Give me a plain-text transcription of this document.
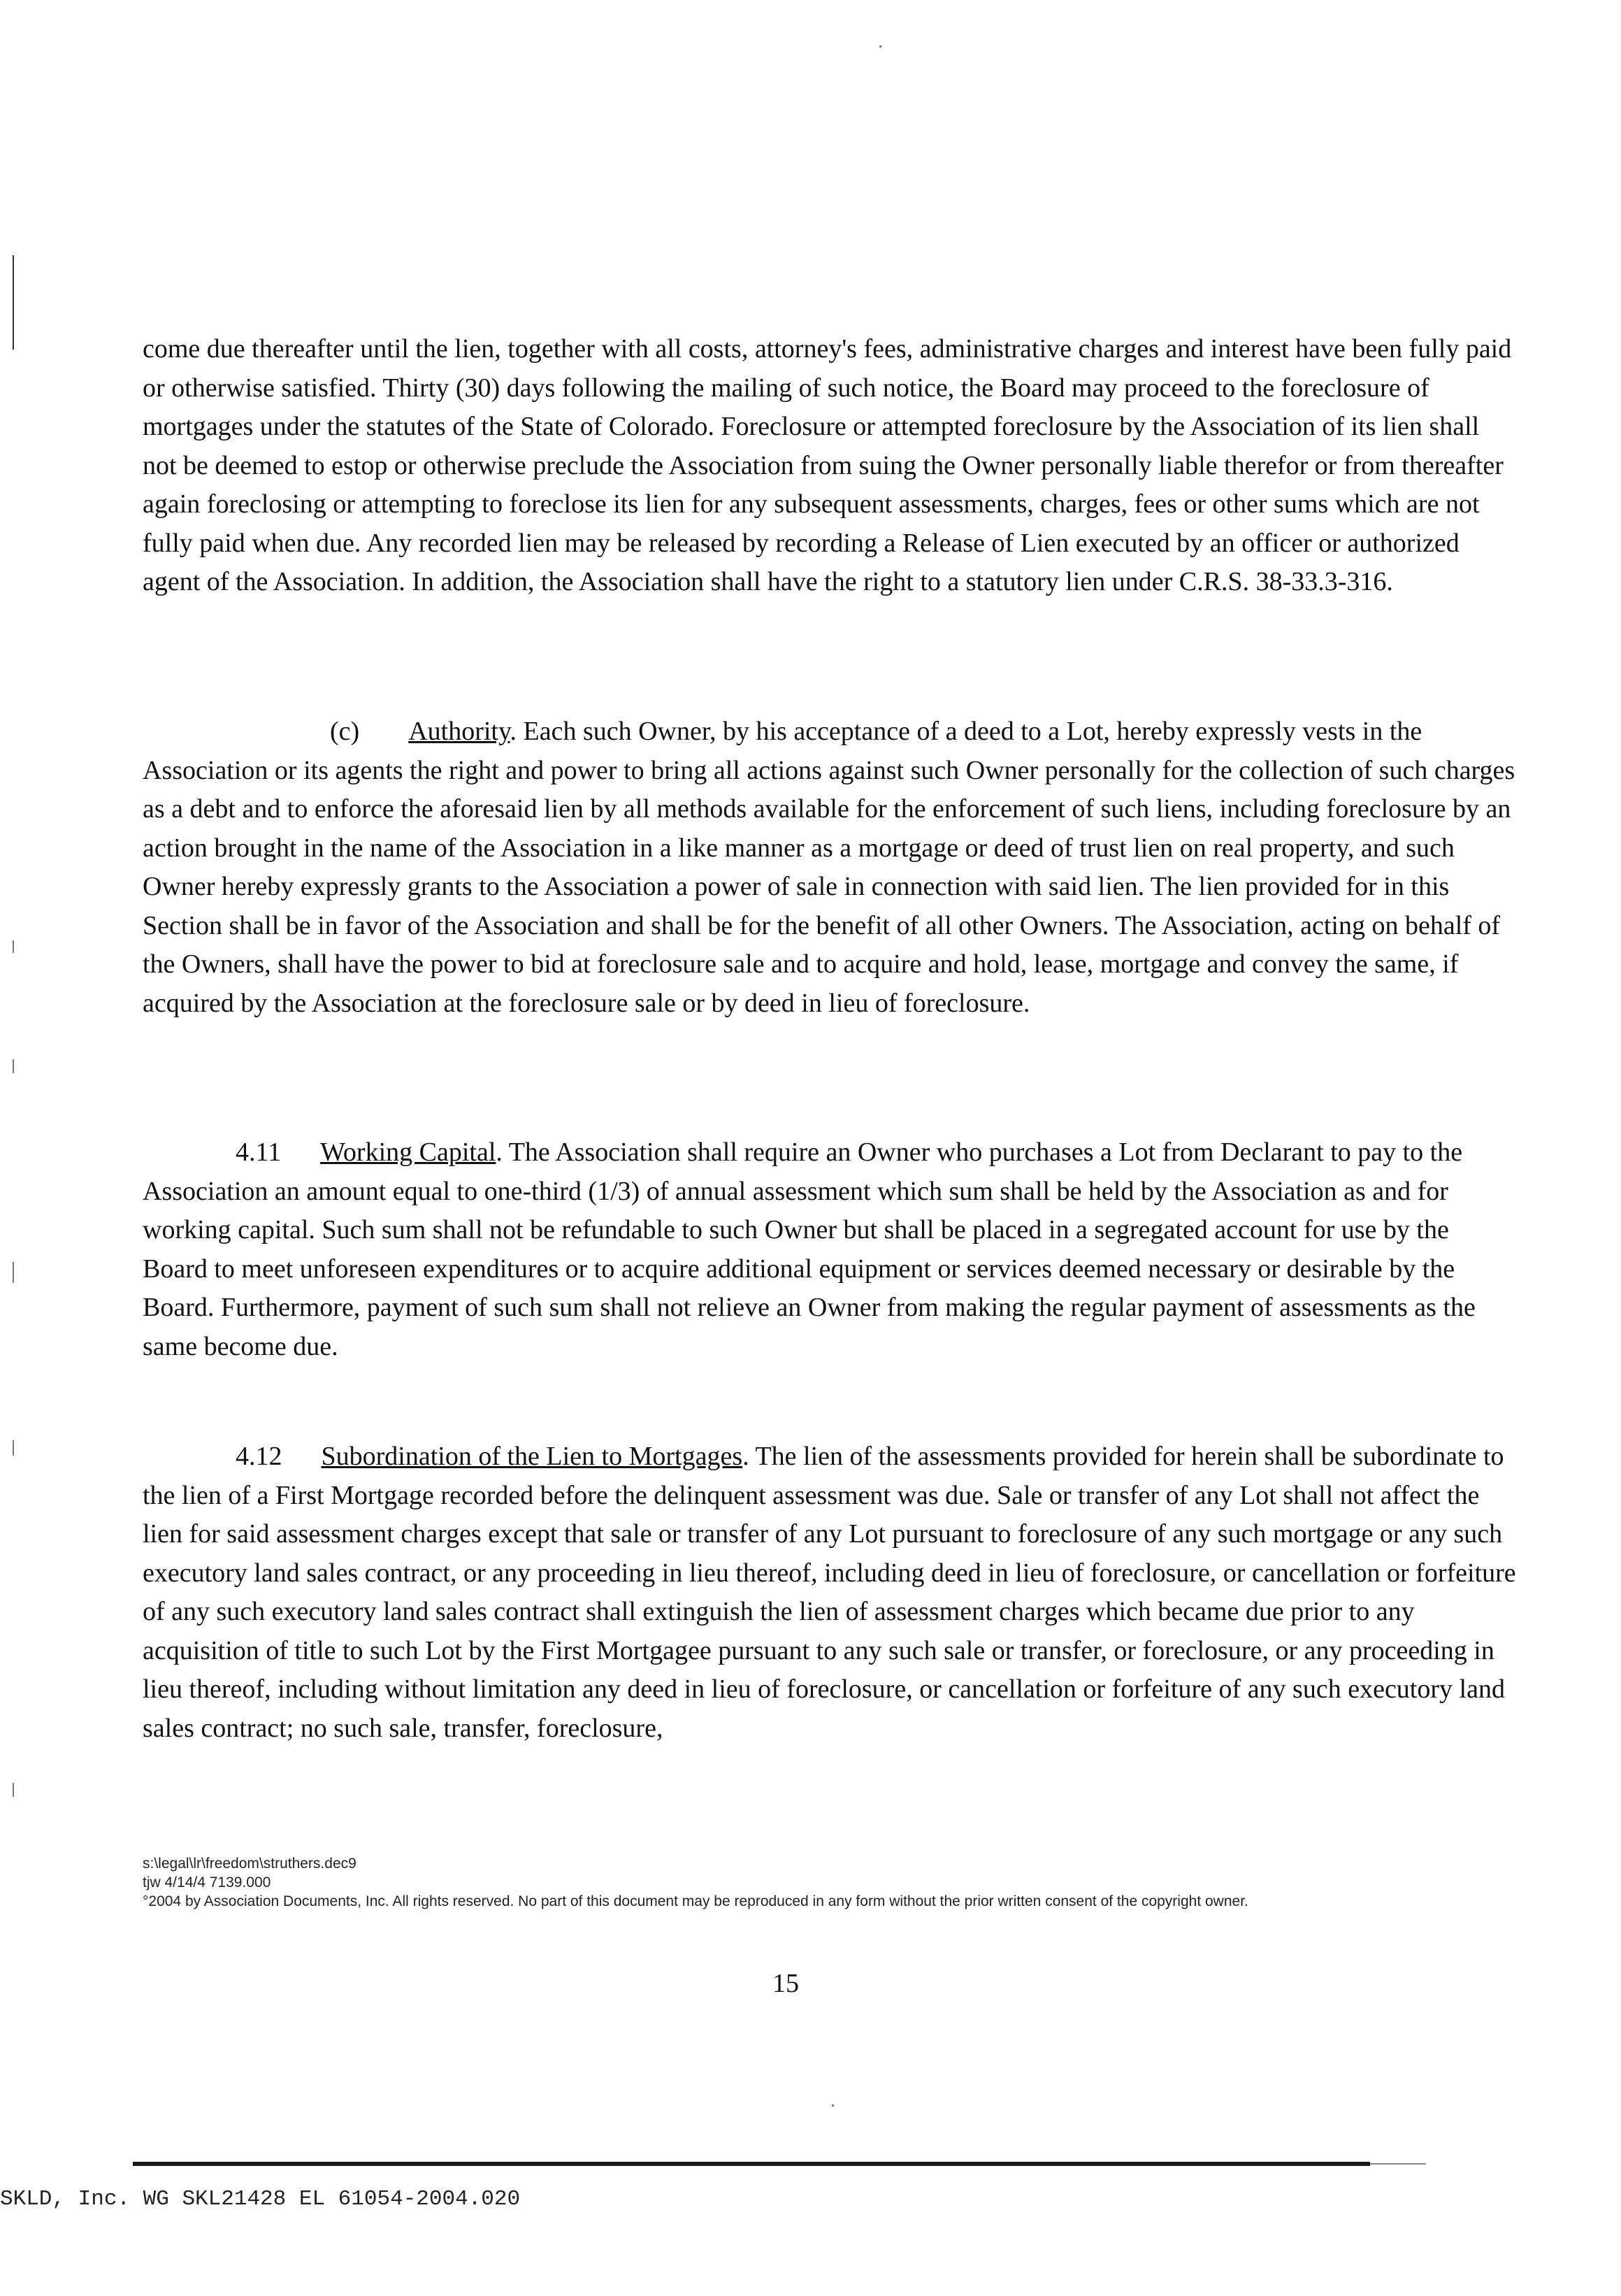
come due thereafter until the lien, together with all costs, attorney's fees, administrative charges and interest have been fully paid or otherwise satisfied. Thirty (30) days following the mailing of such notice, the Board may proceed to the foreclosure of mortgages under the statutes of the State of Colorado. Foreclosure or attempted foreclosure by the Association of its lien shall not be deemed to estop or otherwise preclude the Association from suing the Owner personally liable therefor or from thereafter again foreclosing or attempting to foreclose its lien for any subsequent assessments, charges, fees or other sums which are not fully paid when due. Any recorded lien may be released by recording a Release of Lien executed by an officer or authorized agent of the Association. In addition, the Association shall have the right to a statutory lien under C.R.S. 38-33.3-316.

(c) Authority. Each such Owner, by his acceptance of a deed to a Lot, hereby expressly vests in the Association or its agents the right and power to bring all actions against such Owner personally for the collection of such charges as a debt and to enforce the aforesaid lien by all methods available for the enforcement of such liens, including foreclosure by an action brought in the name of the Association in a like manner as a mortgage or deed of trust lien on real property, and such Owner hereby expressly grants to the Association a power of sale in connection with said lien. The lien provided for in this Section shall be in favor of the Association and shall be for the benefit of all other Owners. The Association, acting on behalf of the Owners, shall have the power to bid at foreclosure sale and to acquire and hold, lease, mortgage and convey the same, if acquired by the Association at the foreclosure sale or by deed in lieu of foreclosure.

4.11 Working Capital. The Association shall require an Owner who purchases a Lot from Declarant to pay to the Association an amount equal to one-third (1/3) of annual assessment which sum shall be held by the Association as and for working capital. Such sum shall not be refundable to such Owner but shall be placed in a segregated account for use by the Board to meet unforeseen expenditures or to acquire additional equipment or services deemed necessary or desirable by the Board. Furthermore, payment of such sum shall not relieve an Owner from making the regular payment of assessments as the same become due.

4.12 Subordination of the Lien to Mortgages. The lien of the assessments provided for herein shall be subordinate to the lien of a First Mortgage recorded before the delinquent assessment was due. Sale or transfer of any Lot shall not affect the lien for said assessment charges except that sale or transfer of any Lot pursuant to foreclosure of any such mortgage or any such executory land sales contract, or any proceeding in lieu thereof, including deed in lieu of foreclosure, or cancellation or forfeiture of any such executory land sales contract shall extinguish the lien of assessment charges which became due prior to any acquisition of title to such Lot by the First Mortgagee pursuant to any such sale or transfer, or foreclosure, or any proceeding in lieu thereof, including without limitation any deed in lieu of foreclosure, or cancellation or forfeiture of any such executory land sales contract; no such sale, transfer, foreclosure,

s:\legal\lr\freedom\struthers.dec9
tjw 4/14/4 7139.000
°2004 by Association Documents, Inc. All rights reserved. No part of this document may be reproduced in any form without the prior written consent of the copyright owner.
15
SKLD, Inc. WG SKL21428 EL 61054-2004.020
